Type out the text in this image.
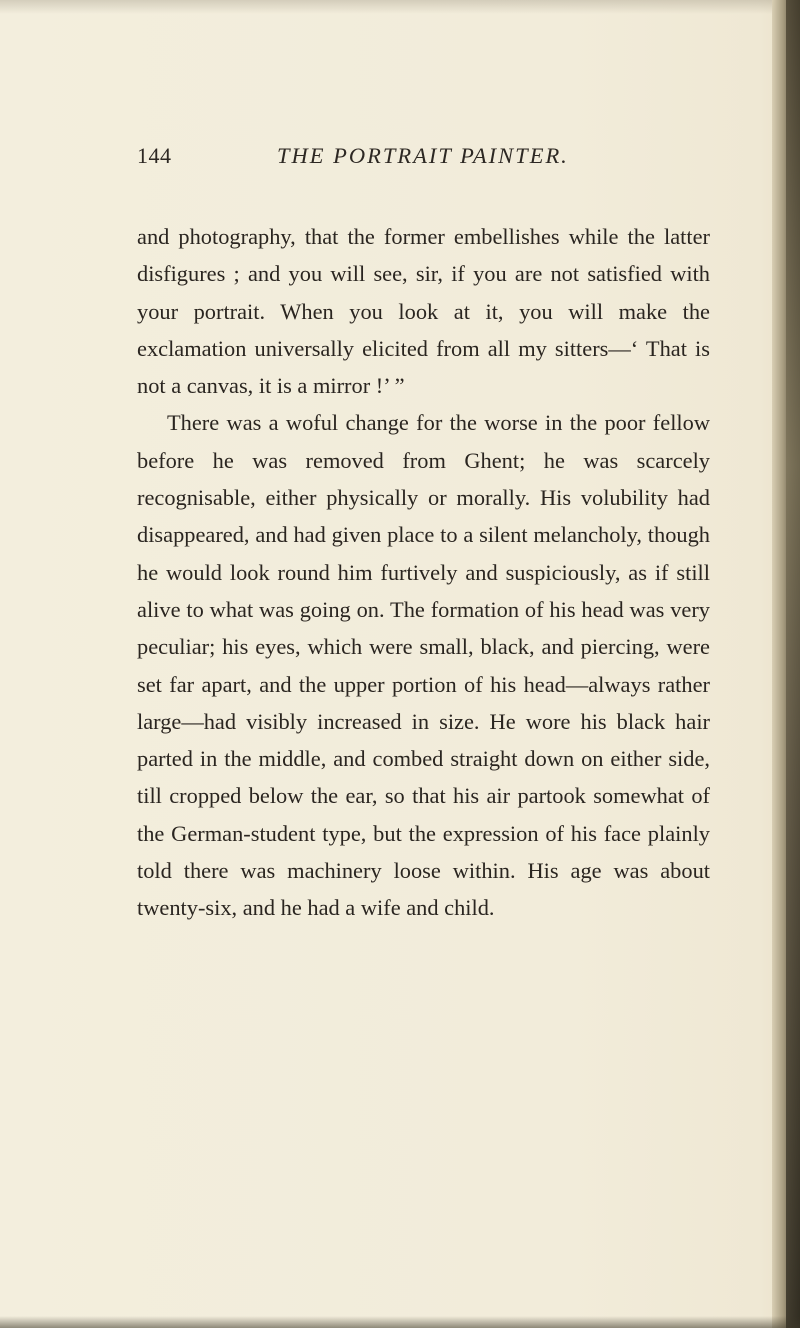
144	THE PORTRAIT PAINTER.

and photography, that the former embellishes while the latter disfigures ; and you will see, sir, if you are not satisfied with your portrait. When you look at it, you will make the exclamation universally elicited from all my sitters—‘ That is not a canvas, it is a mirror !’ ”

There was a woful change for the worse in the poor fellow before he was removed from Ghent; he was scarcely recognisable, either physically or morally. His volubility had disappeared, and had given place to a silent melancholy, though he would look round him furtively and suspiciously, as if still alive to what was going on. The formation of his head was very peculiar; his eyes, which were small, black, and piercing, were set far apart, and the upper portion of his head—always rather large—had visibly increased in size. He wore his black hair parted in the middle, and combed straight down on either side, till cropped below the ear, so that his air partook somewhat of the German-student type, but the expression of his face plainly told there was machinery loose within. His age was about twenty-six, and he had a wife and child.
